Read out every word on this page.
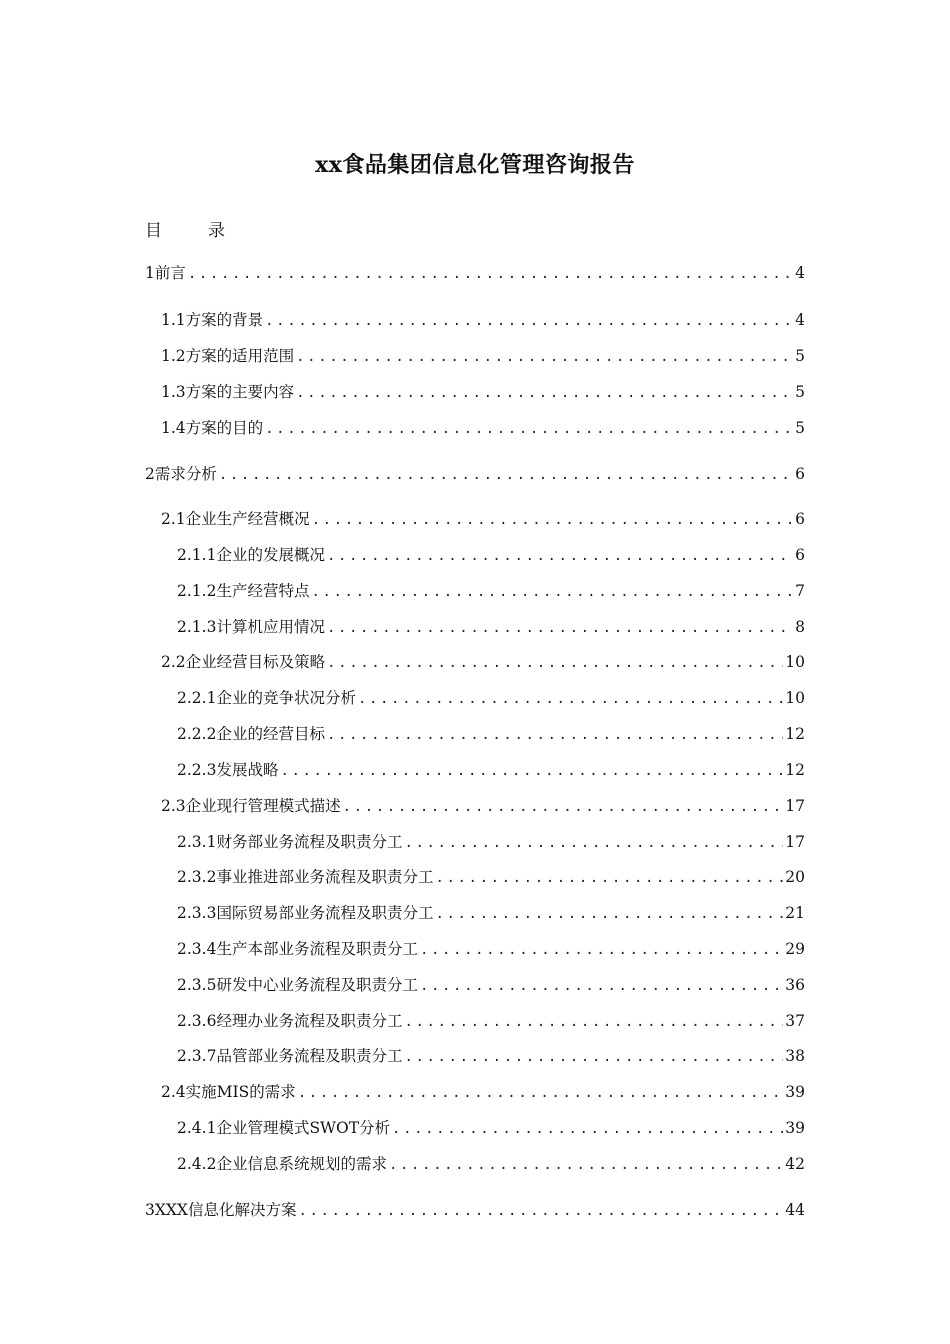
xx食品集团信息化管理咨询报告
目	录
1前言 .....	4
1.1方案的背景 .....	4
1.2方案的适用范围 .....	5
1.3方案的主要内容 .....	5
1.4方案的目的 .....	5
2需求分析 .....	6
2.1企业生产经营概况 .....	6
2.1.1企业的发展概况 .....	6
2.1.2生产经营特点 .....	7
2.1.3计算机应用情况 .....	8
2.2企业经营目标及策略 .....	10
2.2.1企业的竞争状况分析 .....	10
2.2.2企业的经营目标 .....	12
2.2.3发展战略 .....	12
2.3企业现行管理模式描述 .....	17
2.3.1财务部业务流程及职责分工 .....	17
2.3.2事业推进部业务流程及职责分工 .....	20
2.3.3国际贸易部业务流程及职责分工 .....	21
2.3.4生产本部业务流程及职责分工 .....	29
2.3.5研发中心业务流程及职责分工 .....	36
2.3.6经理办业务流程及职责分工 .....	37
2.3.7品管部业务流程及职责分工 .....	38
2.4实施MIS的需求 .....	39
2.4.1企业管理模式SWOT分析 .....	39
2.4.2企业信息系统规划的需求 .....	42
3XXX信息化解决方案 .....	44
